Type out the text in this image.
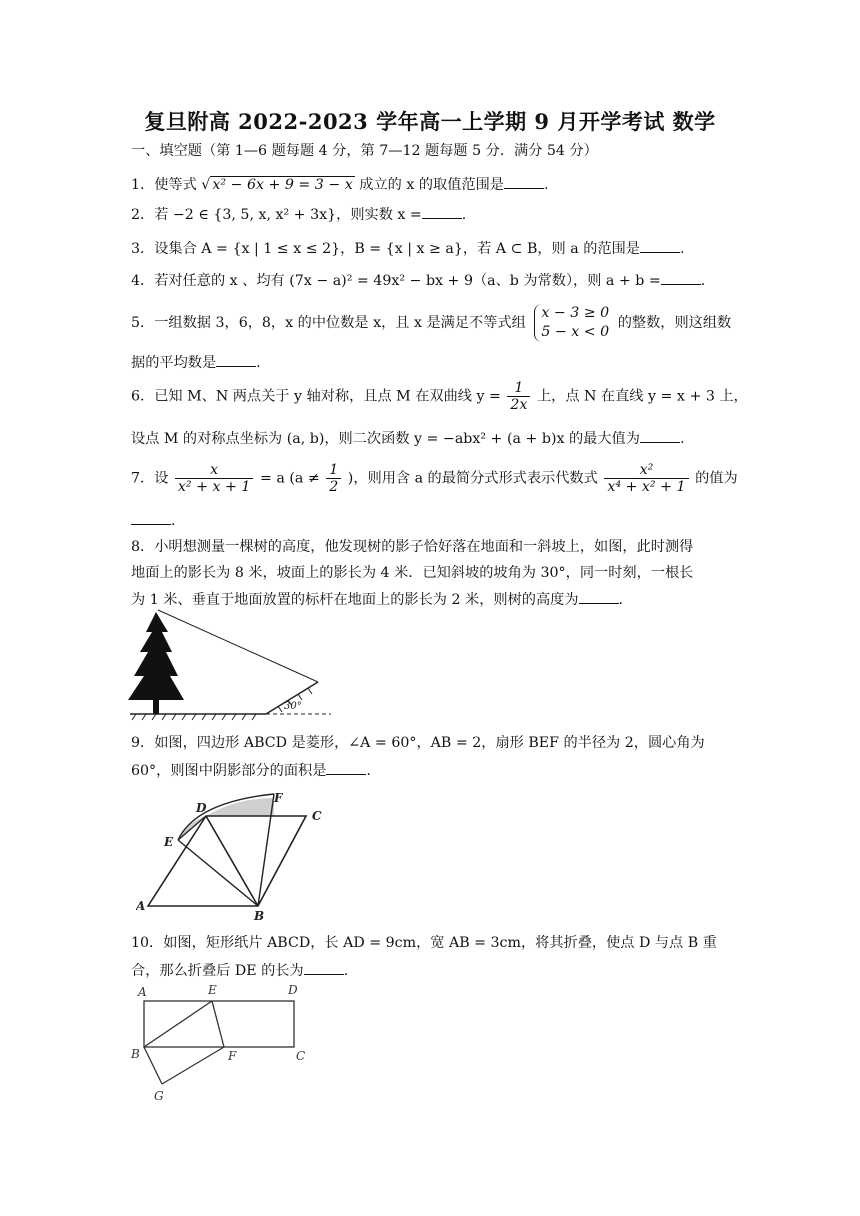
复旦附高 2022-2023 学年高一上学期 9 月开学考试 数学
一、填空题（第 1—6 题每题 4 分，第 7—12 题每题 5 分．满分 54 分）
1．使等式 √ x² − 6x + 9 = 3 − x 成立的 x 的取值范围是	.
2．若 −2 ∈ {3, 5, x, x² + 3x}，则实数 x =	.
3．设集合 A = {x | 1 ≤ x ≤ 2}，B = {x | x ≥ a}，若 A ⊂ B，则 a 的范围是	.
4．若对任意的 x 、均有 (7x − a)² = 49x² − bx + 9（a、b 为常数），则 a + b =	.
5．一组数据 3，6，8，x 的中位数是 x，且 x 是满足不等式组
x − 3 ≥ 0
5 − x < 0
的整数，则这组数
据的平均数是	.
6．已知 M、N 两点关于 y 轴对称，且点 M 在双曲线 $y = \frac{1}{2x}$ 上，点 N 在直线 y = x + 3 上，
设点 M 的对称点坐标为 (a, b)，则二次函数 y = −abx² + (a + b)x 的最大值为	.
7．设 $\frac{x}{\text{x² + x + 1}} = a$ ($a \ne \frac{1}{2}$ )，则用含 a 的最简分式形式表示代数式 $\frac{\text{x²}}{\text{x⁴ + x² + 1}}$ 的值为
.
8．小明想测量一棵树的高度，他发现树的影子恰好落在地面和一斜坡上，如图，此时测得
地面上的影长为 8 米，坡面上的影长为 4 米．已知斜坡的坡角为 30°，同一时刻，一根长
为 1 米、垂直于地面放置的标杆在地面上的影长为 2 米，则树的高度为	.
30°
9．如图，四边形 ABCD 是菱形，∠A = 60°，AB = 2，扇形 BEF 的半径为 2，圆心角为
60°，则图中阴影部分的面积是	.
A
B
C
D
E
F
10．如图，矩形纸片 ABCD，长 AD = 9cm，宽 AB = 3cm，将其折叠，使点 D 与点 B 重
合，那么折叠后 DE 的长为	.
A
B	C
D
E
F
G
